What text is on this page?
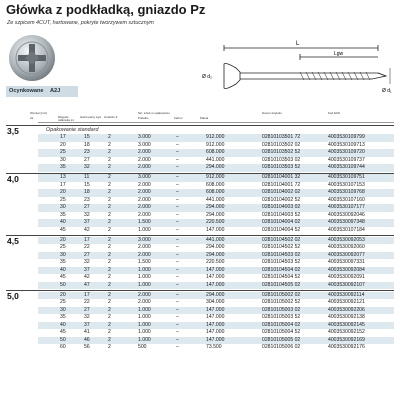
Główka z podkładką, gniazdo Pz
Ze szpicem 4CUT, hartowane, pokryte tworzywem sztucznym
L
Lgw
Ø d₂
Ø d₁
Ocynkowane A2J
Wymiar [mm]
d1	Długość całkowita L1
Gwint pełny Lgw Gniazdo Z
Szt. sztuk w opakowaniu
Pudełko	Karton	Paleta
Numer artykułu	Kod EAN
3,5	Opakowanie standard
17	15	2	3.000	–	912.000	02810103501 72	4003530109799
20	18	2	3.000	–	912.000	02810103502 02	4003530109713
25	23	2	2.000	–	608.000	02810103502 52	4003530109720
30	27	2	2.000	–	441.000	02810103503 02	4003530109737
35	32	2	2.000	–	294.000	02810103503 52	4003530109744
4,0	13	11	2	3.000	–	912.000	02810104001 32	4003530109751
17	15	2	2.000	–	608.000	02810104001 72	4003530107153
20	18	2	2.000	–	608.000	02810104002 02	4003530109768
25	23	2	2.000	–	441.000	02810104002 52	4003530107160
30	27	2	2.000	–	294.000	02810104003 02	4003530107177
35	32	2	2.000	–	294.000	02810104003 52	4003530092046
40	37	2	1.500	–	220.500	02810104004 02	4003530097348
45	42	2	1.000	–	147.000	02810104004 52	4003530107184
4,5	20	17	2	3.000	–	441.000	02810104502 02	4003530092053
25	22	2	2.000	–	294.000	02810104502 52	4003530092060
30	27	2	2.000	–	294.000	02810104503 02	4003530092077
35	32	2	1.500	–	220.500	02810104503 52	4003530097331
40	37	2	1.000	–	147.000	02810104504 02	4003530092084
45	42	2	1.000	–	147.000	02810104504 52	4003530092091
50	47	2	1.000	–	147.000	02810104505 02	4003530092107
5,0	20	17	2	2.000	–	294.000	02810105002 02	4003530092114
25	22	2	2.000	–	304.000	02810105002 52	4003530092121
30	27	2	1.000	–	147.000	02810105003 02	4003530092206
35	32	2	1.000	–	147.000	02810105003 52	4003530092138
40	37	2	1.000	–	147.000	02810105004 02	4003530092145
45	41	2	1.000	–	147.000	02810105004 52	4003530092152
50	46	2	1.000	–	147.000	02810105005 02	4003530092169
60	56	2	500	–	73.500	02810105006 02	4003530092176
